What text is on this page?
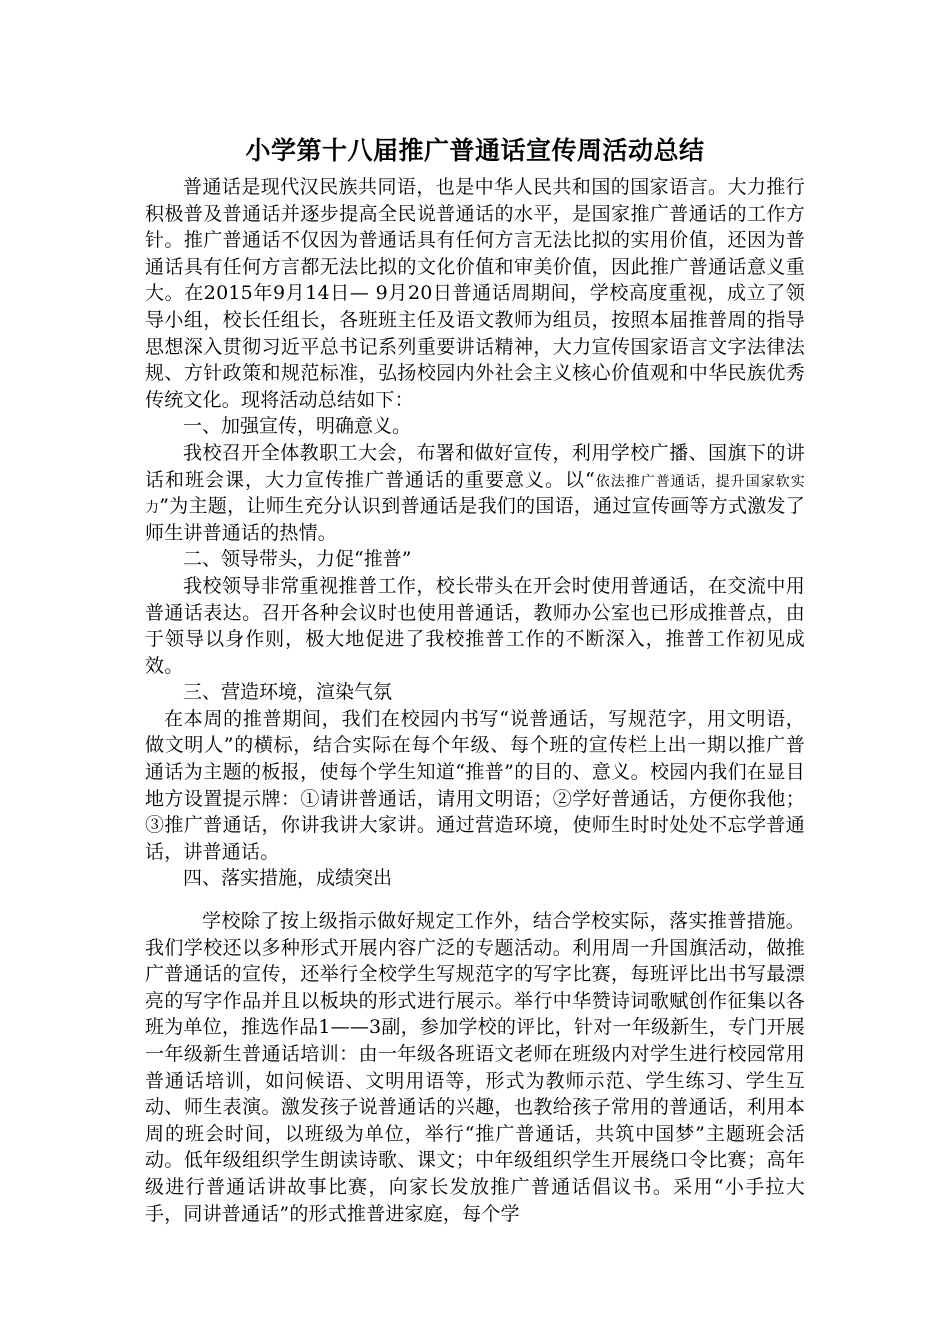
小学第十八届推广普通话宣传周活动总结

普通话是现代汉民族共同语，也是中华人民共和国的国家语言。大力推行积极普及普通话并逐步提高全民说普通话的水平，是国家推广普通话的工作方针。推广普通话不仅因为普通话具有任何方言无法比拟的实用价值，还因为普通话具有任何方言都无法比拟的文化价值和审美价值，因此推广普通话意义重大。在2015年9月14日— 9月20日普通话周期间，学校高度重视，成立了领导小组，校长任组长，各班班主任及语文教师为组员，按照本届推普周的指导思想深入贯彻习近平总书记系列重要讲话精神，大力宣传国家语言文字法律法规、方针政策和规范标准，弘扬校园内外社会主义核心价值观和中华民族优秀传统文化。现将活动总结如下：

一、加强宣传，明确意义。

我校召开全体教职工大会，布署和做好宣传，利用学校广播、国旗下的讲话和班会课，大力宣传推广普通话的重要意义。以“依法推广普通话，提升国家软实力”为主题，让师生充分认识到普通话是我们的国语，通过宣传画等方式激发了师生讲普通话的热情。

二、领导带头，力促“推普”

我校领导非常重视推普工作，校长带头在开会时使用普通话，在交流中用普通话表达。召开各种会议时也使用普通话，教师办公室也已形成推普点，由于领导以身作则，极大地促进了我校推普工作的不断深入，推普工作初见成效。

三、营造环境，渲染气氛

在本周的推普期间，我们在校园内书写“说普通话，写规范字，用文明语，做文明人”的横标，结合实际在每个年级、每个班的宣传栏上出一期以推广普通话为主题的板报，使每个学生知道“推普”的目的、意义。校园内我们在显目地方设置提示牌：①请讲普通话，请用文明语；②学好普通话，方便你我他；③推广普通话，你讲我讲大家讲。通过营造环境，使师生时时处处不忘学普通话，讲普通话。

四、落实措施，成绩突出

学校除了按上级指示做好规定工作外，结合学校实际，落实推普措施。我们学校还以多种形式开展内容广泛的专题活动。利用周一升国旗活动，做推广普通话的宣传，还举行全校学生写规范字的写字比赛，每班评比出书写最漂亮的写字作品并且以板块的形式进行展示。举行中华赞诗词歌赋创作征集以各班为单位，推选作品1——3副，参加学校的评比，针对一年级新生，专门开展一年级新生普通话培训：由一年级各班语文老师在班级内对学生进行校园常用普通话培训，如问候语、文明用语等，形式为教师示范、学生练习、学生互动、师生表演。激发孩子说普通话的兴趣，也教给孩子常用的普通话，利用本周的班会时间，以班级为单位，举行“推广普通话，共筑中国梦”主题班会活动。低年级组织学生朗读诗歌、课文；中年级组织学生开展绕口令比赛；高年级进行普通话讲故事比赛，向家长发放推广普通话倡议书。采用“小手拉大手，同讲普通话”的形式推普进家庭，每个学
